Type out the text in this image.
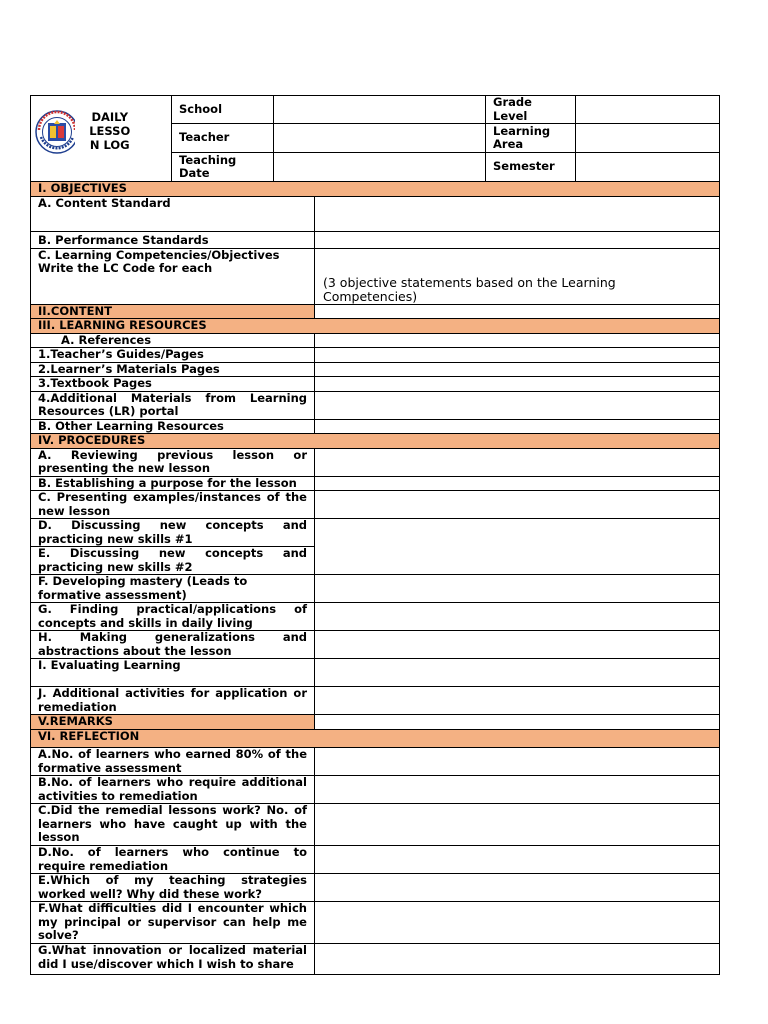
	DAILY LESSO N LOG	School		Grade Level	
		Teacher		Learning Area	
		Teaching Date		Semester	
I. OBJECTIVES	
A. Content Standard	
B. Performance Standards	
C. Learning Competencies/Objectives Write the LC Code for each	(3 objective statements based on the Learning Competencies)
II.CONTENT	
III. LEARNING RESOURCES	
A. References	
1.Teacher’s Guides/Pages	
2.Learner’s Materials Pages	
3.Textbook Pages	
4.Additional Materials from Learning Resources (LR) portal	
B. Other Learning Resources	
IV. PROCEDURES	
A. Reviewing previous lesson or presenting the new lesson	
B. Establishing a purpose for the lesson	
C. Presenting examples/instances of the new lesson	
D. Discussing new concepts and practicing new skills #1	
E. Discussing new concepts and practicing new skills #2	
F. Developing mastery (Leads to formative assessment)	
G. Finding practical/applications of concepts and skills in daily living	
H. Making generalizations and abstractions about the lesson	
I. Evaluating Learning	
J. Additional activities for application or remediation	
V.REMARKS	
VI. REFLECTION	
A.No. of learners who earned 80% of the formative assessment	
B.No. of learners who require additional activities to remediation	
C.Did the remedial lessons work? No. of learners who have caught up with the lesson	
D.No. of learners who continue to require remediation	
E.Which of my teaching strategies worked well? Why did these work?	
F.What difficulties did I encounter which my principal or supervisor can help me solve?	
G.What innovation or localized material did I use/discover which I wish to share	
